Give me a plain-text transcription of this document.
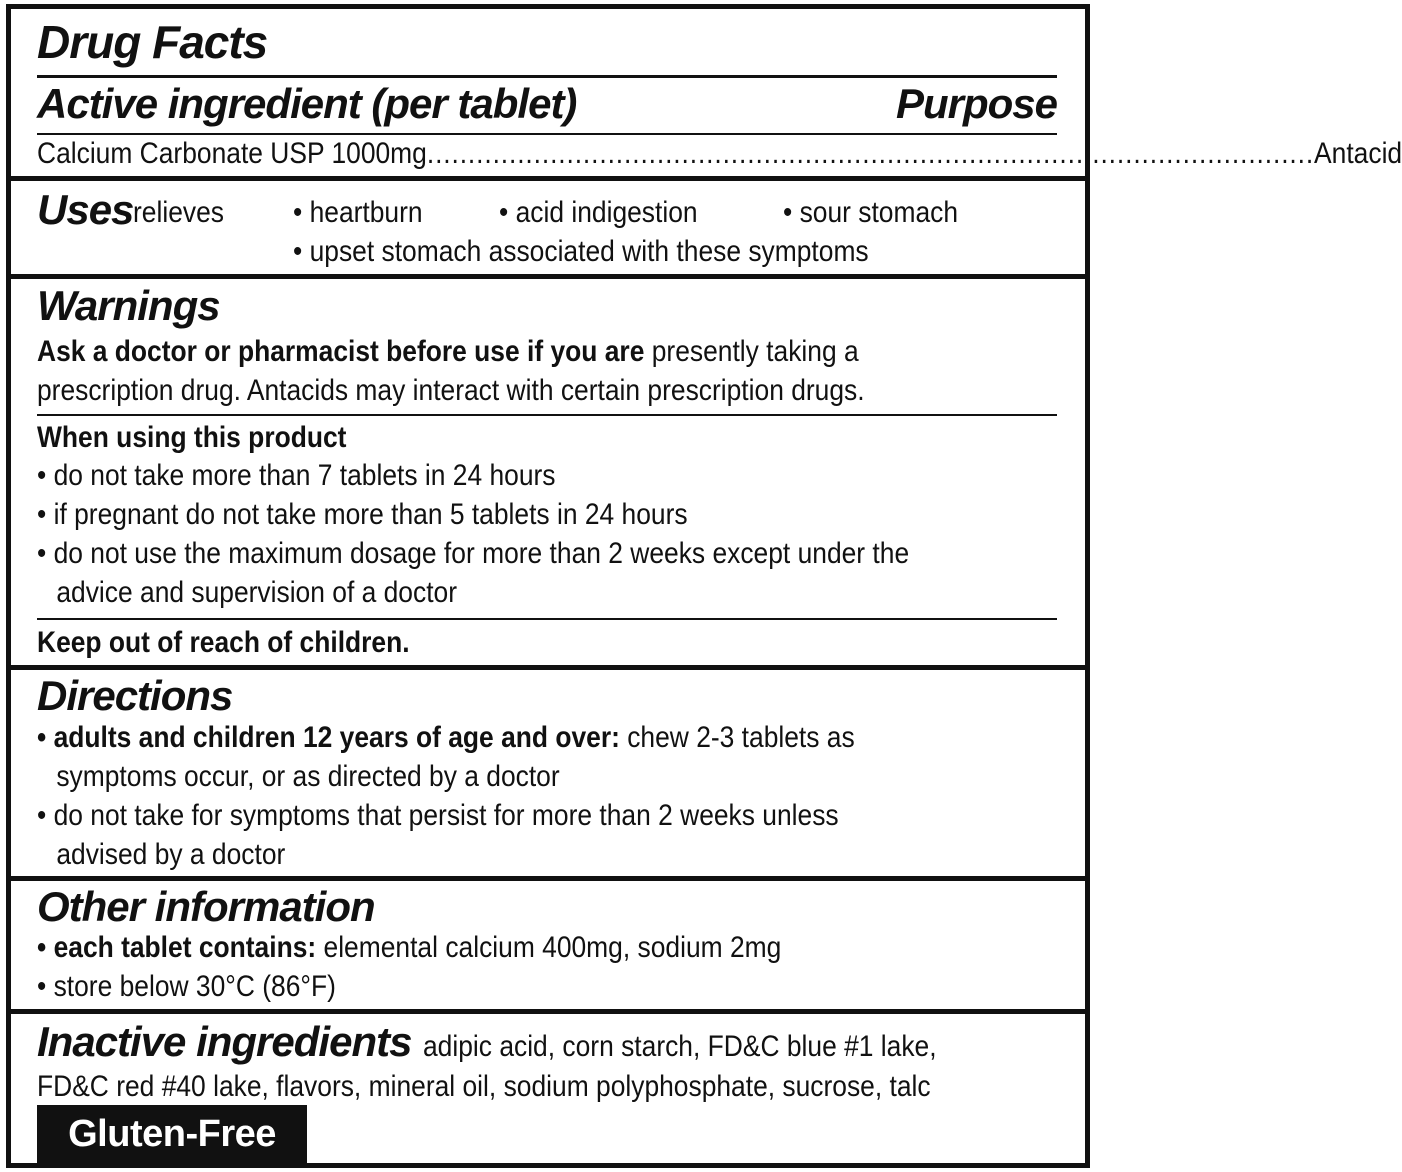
Drug Facts
Active ingredient (per tablet)	Purpose
Calcium Carbonate USP 1000mg ............................................................................................................ Antacid
Uses relieves • heartburn	• acid indigestion	• sour stomach
• upset stomach associated with these symptoms
Warnings
Ask a doctor or pharmacist before use if you are presently taking a
prescription drug. Antacids may interact with certain prescription drugs.
When using this product
• do not take more than 7 tablets in 24 hours
• if pregnant do not take more than 5 tablets in 24 hours
• do not use the maximum dosage for more than 2 weeks except under the
advice and supervision of a doctor
Keep out of reach of children.
Directions
• adults and children 12 years of age and over: chew 2-3 tablets as
symptoms occur, or as directed by a doctor
• do not take for symptoms that persist for more than 2 weeks unless
advised by a doctor
Other information
• each tablet contains: elemental calcium 400mg, sodium 2mg
• store below 30°C (86°F)
Inactive ingredients adipic acid, corn starch, FD&C blue #1 lake,
FD&C red #40 lake, flavors, mineral oil, sodium polyphosphate, sucrose, talc
Gluten-Free
